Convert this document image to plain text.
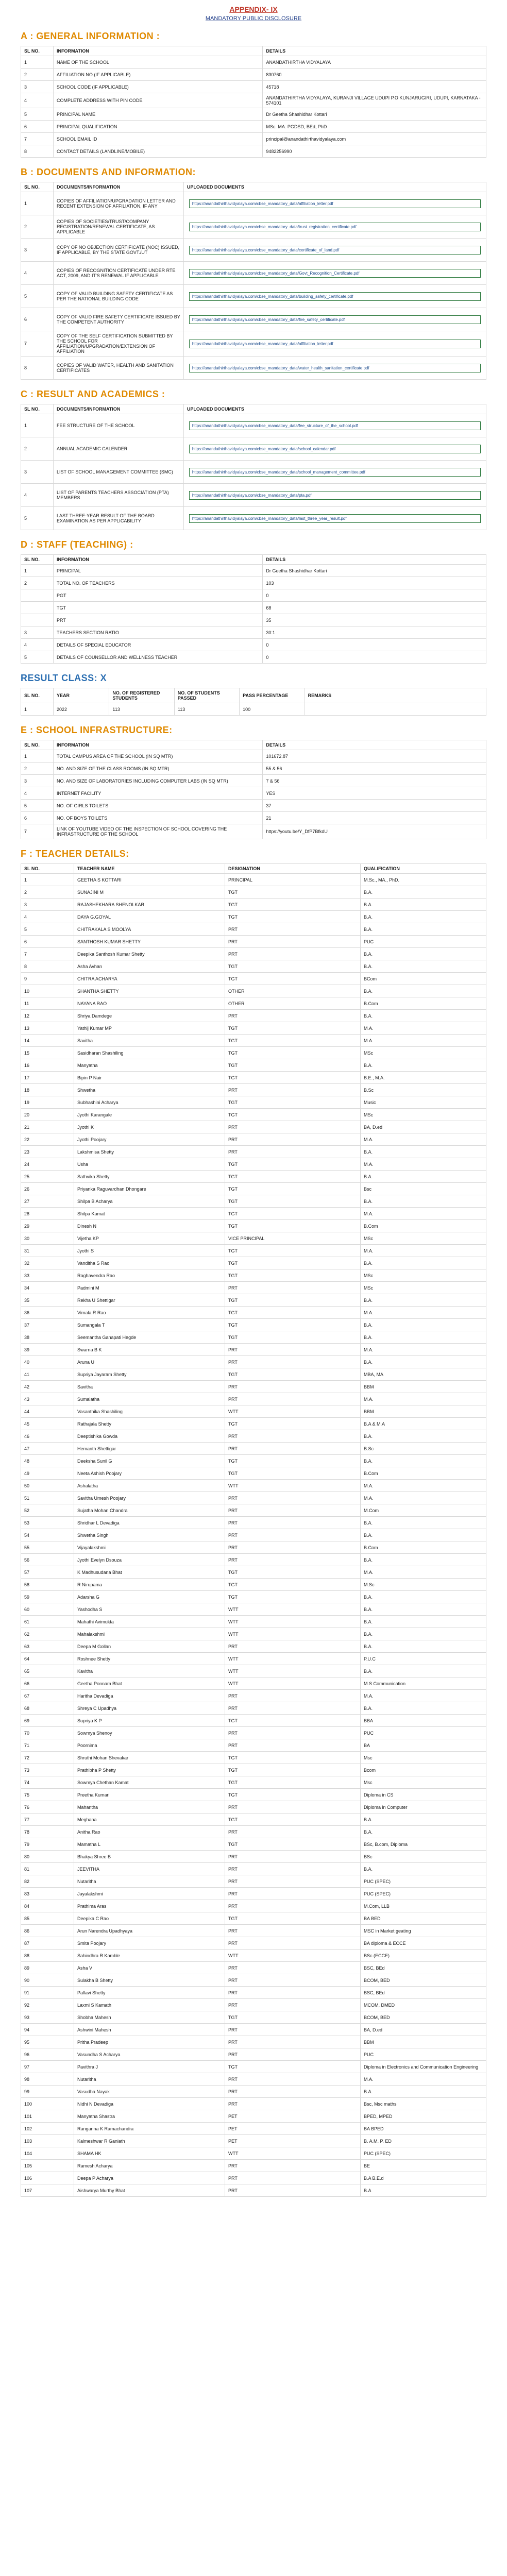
APPENDIX- IX
MANDATORY PUBLIC DISCLOSURE
A : GENERAL INFORMATION :
SL NO.	INFORMATION	DETAILS
1	NAME OF THE SCHOOL	ANANDATHIRTHA VIDYALAYA
2	AFFILIATION NO.(IF APPLICABLE)	830760
3	SCHOOL CODE (IF APPLICABLE)	45718
4	COMPLETE ADDRESS WITH PIN CODE	ANANDATHIRTHA VIDYALAYA, KURANJI VILLAGE UDUPI P.O KUNJARUGIRI, UDUPI, KARNATAKA - 574101
5	PRINCIPAL NAME	Dr Geetha Shashidhar Kottari
6	PRINCIPAL QUALIFICATION	MSc. MA. PGDSD, BEd, PhD
7	SCHOOL EMAIL ID	principal@anandathirthavidyalaya.com
8	CONTACT DETAILS (LANDLINE/MOBILE)	9482256990
B : DOCUMENTS AND INFORMATION:
SL NO.	DOCUMENTS/INFORMATION	UPLOADED DOCUMENTS
1	COPIES OF AFFILIATION/UPGRADATION LETTER AND RECENT EXTENSION OF AFFILIATION, IF ANY	https://anandathirthavidyalaya.com/cbse_mandatory_data/affiliation_letter.pdf

2	COPIES OF SOCIETIES/TRUST/COMPANY REGISTRATION/RENEWAL CERTIFICATE, AS APPLICABLE	https://anandathirthavidyalaya.com/cbse_mandatory_data/trust_registration_certificate.pdf

3	COPY OF NO OBJECTION CERTIFICATE (NOC) ISSUED, IF APPLICABLE, BY THE STATE GOVT./UT	https://anandathirthavidyalaya.com/cbse_mandatory_data/certificate_of_land.pdf

4	COPIES OF RECOGNITION CERTIFICATE UNDER RTE ACT, 2009, AND IT'S RENEWAL IF APPLICABLE	https://anandathirthavidyalaya.com/cbse_mandatory_data/Govt_Recognition_Certificate.pdf

5	COPY OF VALID BUILDING SAFETY CERTIFICATE AS PER THE NATIONAL BUILDING CODE	https://anandathirthavidyalaya.com/cbse_mandatory_data/building_safety_certificate.pdf

6	COPY OF VALID FIRE SAFETY CERTIFICATE ISSUED BY THE COMPETENT AUTHORITY	https://anandathirthavidyalaya.com/cbse_mandatory_data/fire_safety_certificate.pdf

7	COPY OF THE SELF CERTIFICATION SUBMITTED BY THE SCHOOL FOR AFFILIATION/UPGRADATION/EXTENSION OF AFFILIATION	https://anandathirthavidyalaya.com/cbse_mandatory_data/affiliation_letter.pdf

8	COPIES OF VALID WATER, HEALTH AND SANITATION CERTIFICATES	https://anandathirthavidyalaya.com/cbse_mandatory_data/water_health_sanitation_certificate.pdf
C : RESULT AND ACADEMICS :
SL NO.	DOCUMENTS/INFORMATION	UPLOADED DOCUMENTS
1	FEE STRUCTURE OF THE SCHOOL	https://anandathirthavidyalaya.com/cbse_mandatory_data/fee_structure_of_the_school.pdf

2	ANNUAL ACADEMIC CALENDER	https://anandathirthavidyalaya.com/cbse_mandatory_data/school_calendar.pdf

3	LIST OF SCHOOL MANAGEMENT COMMITTEE (SMC)	https://anandathirthavidyalaya.com/cbse_mandatory_data/school_management_committee.pdf

4	LIST OF PARENTS TEACHERS ASSOCIATION (PTA) MEMBERS	https://anandathirthavidyalaya.com/cbse_mandatory_data/pta.pdf

5	LAST THREE-YEAR RESULT OF THE BOARD EXAMINATION AS PER APPLICABILITY	https://anandathirthavidyalaya.com/cbse_mandatory_data/last_three_year_result.pdf
D : STAFF (TEACHING) :
SL NO.	INFORMATION	DETAILS
1	PRINCIPAL	Dr Geetha Shashidhar Kottari
2	TOTAL NO. OF TEACHERS	103
	PGT	0
	TGT	68
	PRT	35
3	TEACHERS SECTION RATIO	30:1
4	DETAILS OF SPECIAL EDUCATOR	0
5	DETAILS OF COUNSELLOR AND WELLNESS TEACHER	0
RESULT CLASS: X
SL NO.	YEAR	NO. OF REGISTERED STUDENTS	NO. OF STUDENTS PASSED	PASS PERCENTAGE	REMARKS
1	2022	113	113	100	
E : SCHOOL INFRASTRUCTURE:
SL NO.	INFORMATION	DETAILS
1	TOTAL CAMPUS AREA OF THE SCHOOL (IN SQ MTR)	101672.87
2	NO. AND SIZE OF THE CLASS ROOMS (IN SQ MTR)	55 & 56
3	NO. AND SIZE OF LABORATORIES INCLUDING COMPUTER LABS (IN SQ MTR)	7 & 56
4	INTERNET FACILITY	YES
5	NO. OF GIRLS TOILETS	37
6	NO. OF BOYS TOILETS	21
7	LINK OF YOUTUBE VIDEO OF THE INSPECTION OF SCHOOL COVERING THE INFRASTRUCTURE OF THE SCHOOL	https://youtu.be/Y_DfP7BfkdU
F : TEACHER DETAILS:
SL NO.	TEACHER NAME	DESIGNATION	QUALIFICATION
1	GEETHA S KOTTARI	PRINCIPAL	M.Sc., MA., PhD.
2	SUNAJINI M	TGT	B.A.
3	RAJASHEKHARA SHENOLKAR	TGT	B.A.
4	DAYA G.GOYAL	TGT	B.A.
5	CHITRAKALA S MOOLYA	PRT	B.A.
6	SANTHOSH KUMAR SHETTY	PRT	PUC
7	Deepika Santhosh Kumar Shetty	PRT	B.A.
8	Asha Avhan	TGT	B.A.
9	CHITRA ACHARYA	TGT	BCom
10	SHANTHA SHETTY	OTHER	B.A.
11	NAYANA RAO	OTHER	B.Com
12	Shriya Damdege	PRT	B.A.
13	Yathij Kumar MP	TGT	M.A.
14	Savitha	TGT	M.A.
15	Sasidharan Shashiling	TGT	MSc
16	Manyatha	TGT	B.A.
17	Bipin P Nair	TGT	B.E., M.A.
18	Shwetha	PRT	B.Sc
19	Subhashini Acharya	TGT	Music
20	Jyothi Karangale	TGT	MSc
21	Jyothi K	PRT	BA, D.ed
22	Jyothi Poojary	PRT	M.A.
23	Lakshmisa Shetty	PRT	B.A.
24	Usha	TGT	M.A.
25	Sathvika Shetty	TGT	B.A.
26	Priyanka Raguvardhan Dhongare	TGT	Bsc
27	Shilpa B Acharya	TGT	B.A.
28	Shilpa Kamat	TGT	M.A.
29	Dinesh N	TGT	B.Com
30	Vijetha KP	VICE PRINCIPAL	MSc
31	Jyothi S	TGT	M.A.
32	Vanditha S Rao	TGT	B.A.
33	Raghavendra Rao	TGT	MSc
34	Padmini M	PRT	MSc
35	Rekha U Shettigar	TGT	B.A.
36	Vimala R Rao	TGT	M.A.
37	Sumangala T	TGT	B.A.
38	Seemantha Ganapati Hegde	TGT	B.A.
39	Swarna B K	PRT	M.A.
40	Aruna U	PRT	B.A.
41	Supriya Jayaram Shetty	TGT	MBA, MA
42	Savitha	PRT	BBM
43	Sumalatha	PRT	M.A.
44	Vasanthika Shashiling	WTT	BBM
45	Rathajala Shetty	TGT	B.A & M.A
46	Deeptishika Gowda	PRT	B.A.
47	Hemanth Shettigar	PRT	B.Sc
48	Deeksha Sunil G	TGT	B.A.
49	Neeta Ashish Poojary	TGT	B.Com
50	Ashalatha	WTT	M.A.
51	Savitha Umesh Poojary	PRT	M.A.
52	Sujatha Mohan Chandra	PRT	M.Com
53	Shridhar L Devadiga	PRT	B.A.
54	Shwetha Singh	PRT	B.A.
55	Vijayalakshmi	PRT	B.Com
56	Jyothi Evelyn Dsouza	PRT	B.A.
57	K Madhusudana Bhat	TGT	M.A.
58	R Nirupama	TGT	M.Sc
59	Adarsha G	TGT	B.A.
60	Yashodha S	WTT	B.A.
61	Mahathi Avimukta	WTT	B.A.
62	Mahalakshmi	WTT	B.A.
63	Deepa M Gollan	PRT	B.A.
64	Roshnee Shetty	WTT	P.U.C
65	Kavitha	WTT	B.A.
66	Geetha Ponnam Bhat	WTT	M.S Communication
67	Haritha Devadiga	PRT	M.A.
68	Shreya C Upadhya	PRT	B.A.
69	Supriya K P	TGT	BBA
70	Sowmya Shenoy	PRT	PUC
71	Poornima	PRT	BA
72	Shruthi Mohan Shevakar	TGT	Msc
73	Prathibha P Shetty	TGT	Bcom
74	Sowmya Chethan Kamat	TGT	Msc
75	Preetha Kumari	TGT	Diploma in CS
76	Mahantha	PRT	Diploma in Computer
77	Meghana	TGT	B.A.
78	Anitha Rao	PRT	B.A.
79	Mamatha L	TGT	BSc, B.com, Diploma
80	Bhakya Shree B	PRT	BSc
81	JEEVITHA	PRT	B.A.
82	Nutaritha	PRT	PUC (SPEC)
83	Jayalakshmi	PRT	PUC (SPEC)
84	Prathima Aras	PRT	M.Com, LLB
85	Deepika C Rao	TGT	BA BED
86	Arun Narendra Upadhyaya	PRT	MSC in Market geating
87	Smita Poojary	PRT	BA diploma & ECCE
88	Sahindhra R Kamble	WTT	BSc (ECCE)
89	Asha V	PRT	BSC, BEd
90	Sulakha B Shetty	PRT	BCOM, BED
91	Pallavi Shetty	PRT	BSC, BEd
92	Laxmi S Kamath	PRT	MCOM, DMED
93	Shobha Mahesh	TGT	BCOM, BED
94	Ashwini Mahesh	PRT	BA, D.ed
95	Pritha Pradeep	PRT	BBM
96	Vasundha S Acharya	PRT	PUC
97	Pavithra J	TGT	Diploma in Electronics and Communication Engineering
98	Nutaritha	PRT	M.A.
99	Vasudha Nayak	PRT	B.A.
100	Nidhi N Devadiga	PRT	Bsc, Msc maths
101	Manyatha Shastra	PET	BPED, MPED
102	Ranganna K Ramachandra	PET	BA BPED
103	Kalmeshwar R Ganiath	PET	B. A.M. P. ED
104	SHAMA HK	WTT	PUC (SPEC)
105	Ramesh Acharya	PRT	BE
106	Deepa P Acharya	PRT	B.A B.E.d
107	Aishwarya Murthy Bhat	PRT	B.A
